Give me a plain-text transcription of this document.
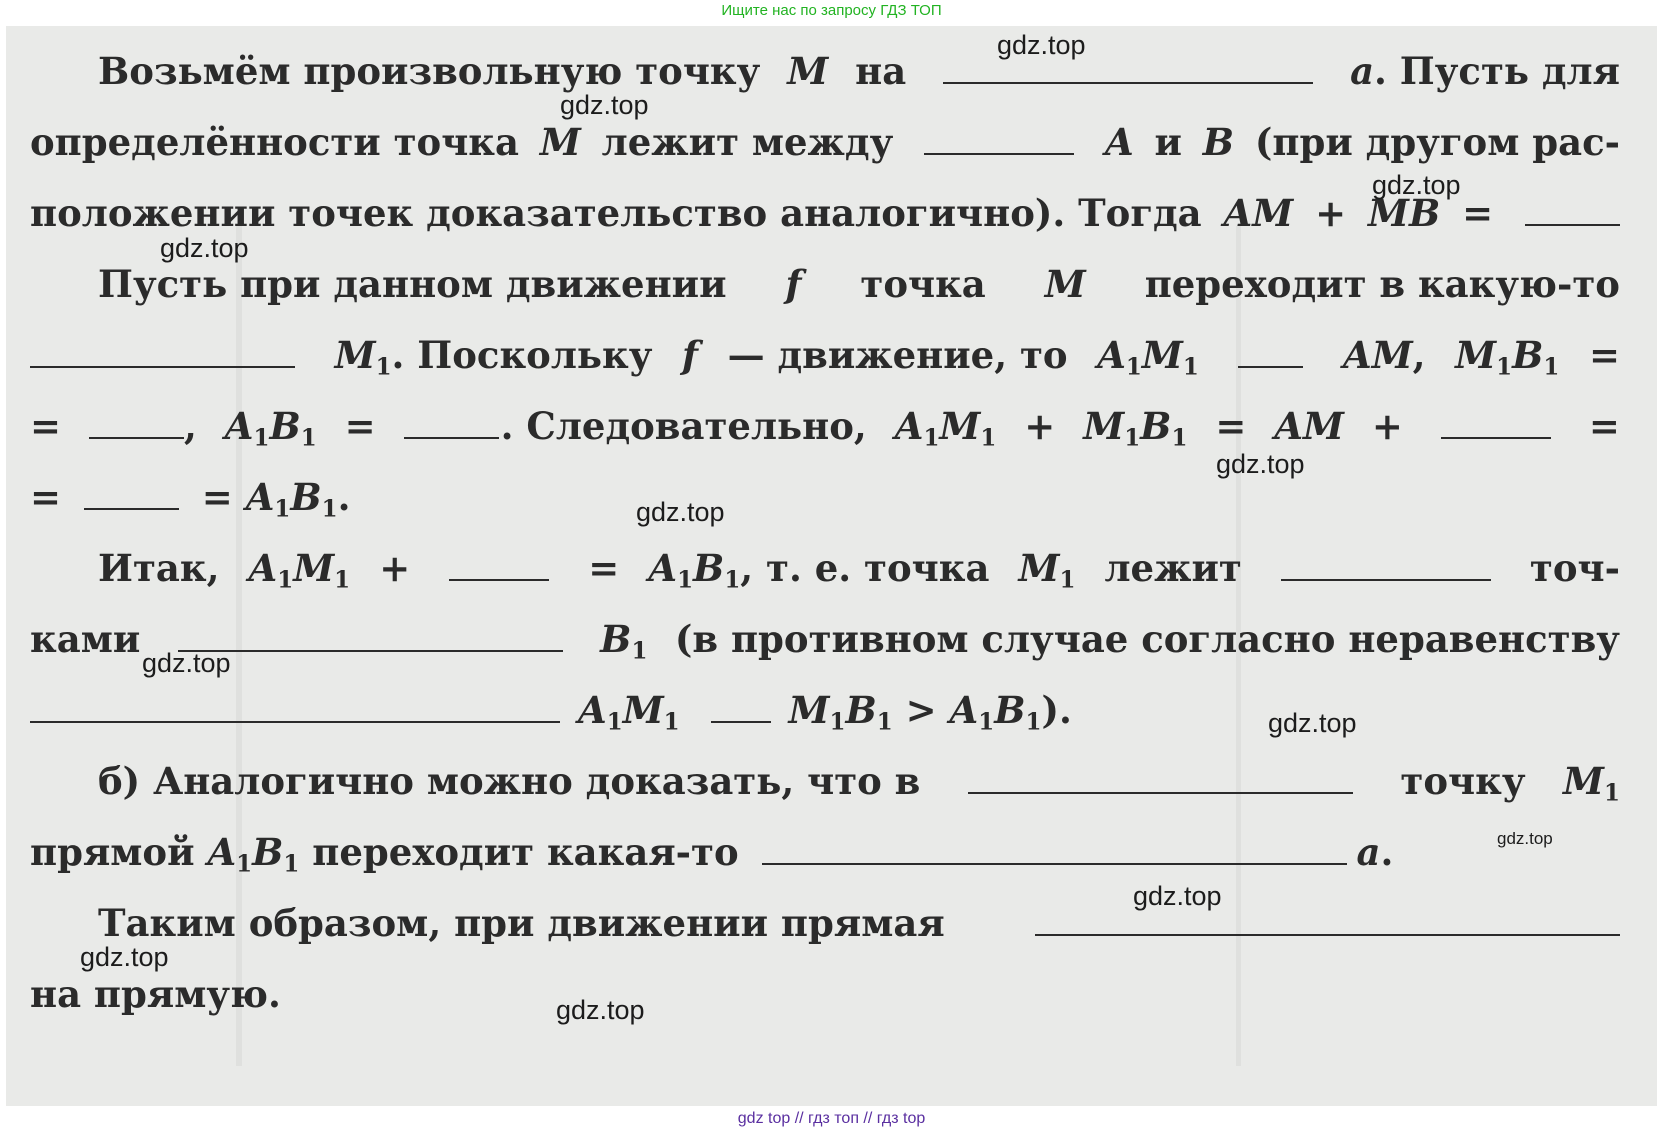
Ищите нас по запросу ГДЗ ТОП
Возьмём произвольную точку M на	a. Пусть для
определённости точка M лежит между	A и B (при другом рас-
положении точек доказательство аналогично). Тогда AM + MB =
Пусть при данном движении f точка M переходит в какую-то
$M_1$. Поскольку f — движение, то $A_1M_1$	AM, $M_1B_1$ =
=	, $A_1B_1$ =	. Следовательно, $A_1M_1 + M_1B_1$ = AM +	=
=	= $A_1B_1$.
Итак, $A_1M_1$ +	= $A_1B_1$, т. е. точка $M_1$ лежит	точ-
ками	$B_1$ (в противном случае согласно неравенству
$A_1M_1$	$M_1B_1 > A_1B_1$).
б) Аналогично можно доказать, что в	точку $M_1$
прямой $A_1B_1$ переходит какая-то	a.
Таким образом, при движении прямая
на прямую.
gdz.top
gdz.top
gdz.top
gdz.top
gdz.top
gdz.top
gdz.top
gdz.top
gdz.top
gdz.top
gdz.top
gdz.top
gdz top // гдз топ // гдз top
